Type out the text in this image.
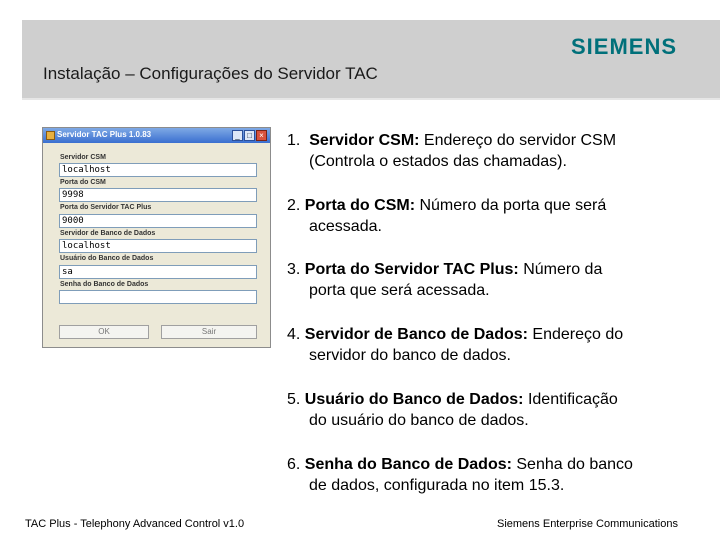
Instalação – Configurações do Servidor TAC
SIEMENS
Servidor TAC Plus 1.0.83	_ □ ×
Servidor CSM
localhost
Porta do CSM
9998
Porta do Servidor TAC Plus
9000
Servidor de Banco de Dados
localhost
Usuário do Banco de Dados
sa
Senha do Banco de Dados
OK	Sair
1. Servidor CSM: Endereço do servidor CSM
(Controla o estados das chamadas).
2. Porta do CSM: Número da porta que será
acessada.
3. Porta do Servidor TAC Plus: Número da
porta que será acessada.
4. Servidor de Banco de Dados: Endereço do
servidor do banco de dados.
5. Usuário do Banco de Dados: Identificação
do usuário do banco de dados.
6. Senha do Banco de Dados: Senha do banco
de dados, configurada no item 15.3.
TAC Plus - Telephony Advanced Control v1.0	Siemens Enterprise Communications
